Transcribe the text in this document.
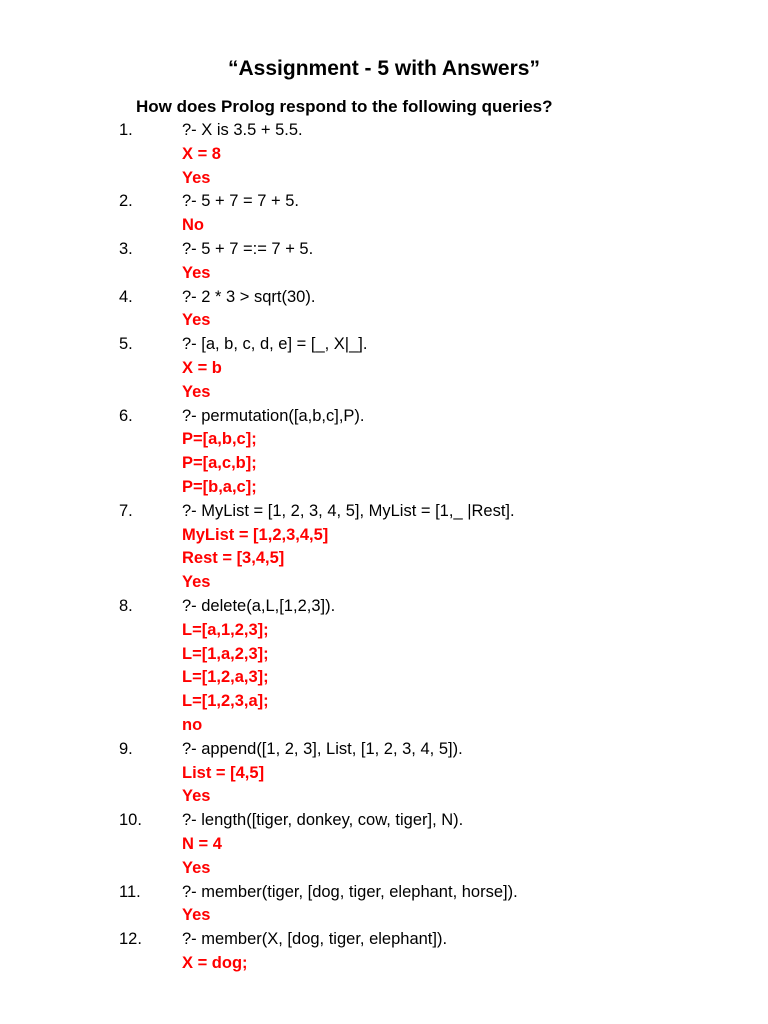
“Assignment - 5 with Answers”
How does Prolog respond to the following queries?
1.	?- X is 3.5 + 5.5.
X = 8
Yes
2.	?- 5 + 7 = 7 + 5.
No
3.	?- 5 + 7 =:= 7 + 5.
Yes
4.	?- 2 * 3 > sqrt(30).
Yes
5.	?- [a, b, c, d, e] = [_, X|_].
X = b
Yes
6.	?- permutation([a,b,c],P).
P=[a,b,c];
P=[a,c,b];
P=[b,a,c];
7.	?- MyList = [1, 2, 3, 4, 5], MyList = [1,_ |Rest].
MyList = [1,2,3,4,5]
Rest = [3,4,5]
Yes
8.	?- delete(a,L,[1,2,3]).
L=[a,1,2,3];
L=[1,a,2,3];
L=[1,2,a,3];
L=[1,2,3,a];
no
9.	?- append([1, 2, 3], List, [1, 2, 3, 4, 5]).
List = [4,5]
Yes
10. ?- length([tiger, donkey, cow, tiger], N).
N = 4
Yes
11.	?- member(tiger, [dog, tiger, elephant, horse]).
Yes
12. ?- member(X, [dog, tiger, elephant]).
X = dog;
